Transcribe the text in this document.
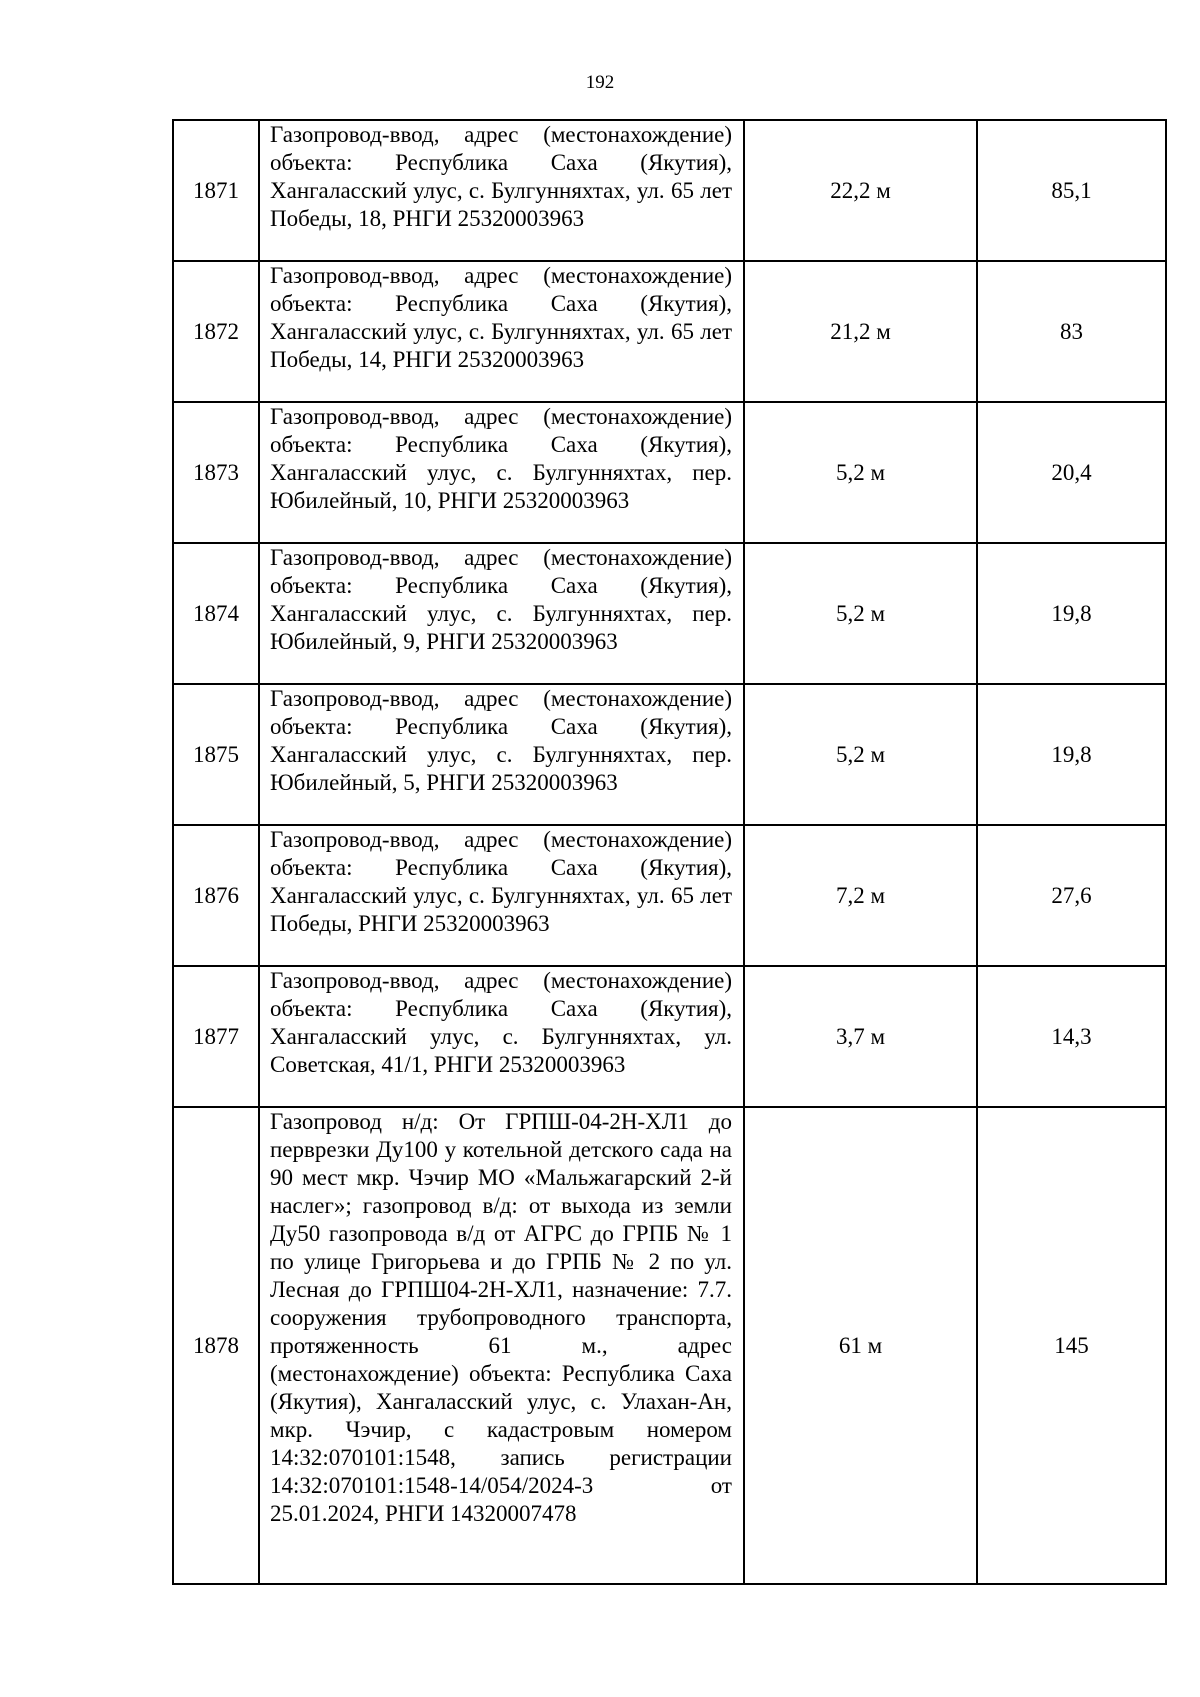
192
1871	Газопровод-ввод, адрес (местонахождение) объекта: Республика Саха (Якутия), Хангаласский улус, с. Булгунняхтах, ул. 65 лет Победы, 18, РНГИ 25320003963	22,2 м	85,1
1872	Газопровод-ввод, адрес (местонахождение) объекта: Республика Саха (Якутия), Хангаласский улус, с. Булгунняхтах, ул. 65 лет Победы, 14, РНГИ 25320003963	21,2 м	83
1873	Газопровод-ввод, адрес (местонахождение) объекта: Республика Саха (Якутия), Хангаласский улус, с. Булгунняхтах, пер. Юбилейный, 10, РНГИ 25320003963	5,2 м	20,4
1874	Газопровод-ввод, адрес (местонахождение) объекта: Республика Саха (Якутия), Хангаласский улус, с. Булгунняхтах, пер. Юбилейный, 9, РНГИ 25320003963	5,2 м	19,8
1875	Газопровод-ввод, адрес (местонахождение) объекта: Республика Саха (Якутия), Хангаласский улус, с. Булгунняхтах, пер. Юбилейный, 5, РНГИ 25320003963	5,2 м	19,8
1876	Газопровод-ввод, адрес (местонахождение) объекта: Республика Саха (Якутия), Хангаласский улус, с. Булгунняхтах, ул. 65 лет Победы, РНГИ 25320003963	7,2 м	27,6
1877	Газопровод-ввод, адрес (местонахождение) объекта: Республика Саха (Якутия), Хангаласский улус, с. Булгунняхтах, ул. Советская, 41/1, РНГИ 25320003963	3,7 м	14,3
1878	Газопровод н/д: От ГРПШ-04-2Н-ХЛ1 до перврезки Ду100 у котельной детского сада на 90 мест мкр. Чэчир МО «Мальжагарский 2-й наслег»; газопровод в/д: от выхода из земли Ду50 газопровода в/д от АГРС до ГРПБ № 1 по улице Григорьева и до ГРПБ № 2 по ул. Лесная до ГРПШ04-2Н-ХЛ1, назначение: 7.7. сооружения трубопроводного транспорта, протяженность 61 м., адрес (местонахождение) объекта: Республика Саха (Якутия), Хангаласский улус, с. Улахан-Ан, мкр. Чэчир, с кадастровым номером 14:32:070101:1548, запись регистрации 14:32:070101:1548-14/054/2024-3 от 25.01.2024, РНГИ 14320007478	61 м	145
